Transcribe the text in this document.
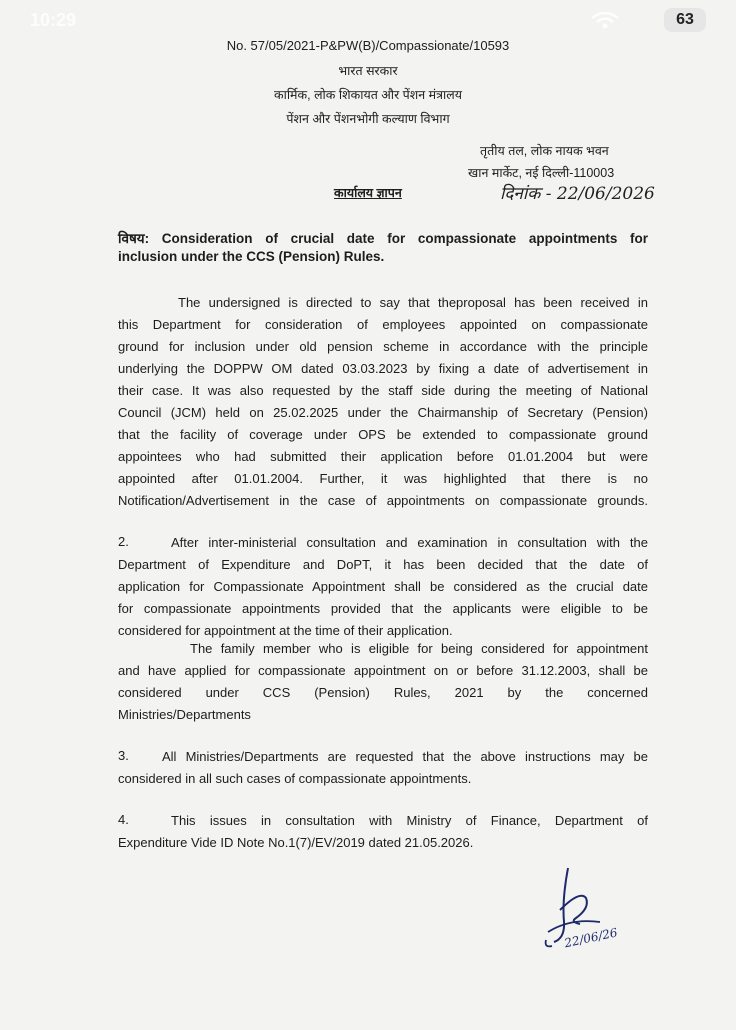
10:29	63
No. 57/05/2021-P&PW(B)/Compassionate/10593
भारत सरकार
कार्मिक, लोक शिकायत और पेंशन मंत्रालय
पेंशन और पेंशनभोगी कल्याण विभाग
तृतीय तल, लोक नायक भवन
खान मार्केट, नई दिल्ली-110003
कार्यालय ज्ञापन	दिनांक - 22/06/2026
विषय: Consideration of crucial date for compassionate appointments for
inclusion under the CCS (Pension) Rules.
The undersigned is directed to say that theproposal has been received in
this Department for consideration of employees appointed on compassionate
ground for inclusion under old pension scheme in accordance with the principle
underlying the DOPPW OM dated 03.03.2023 by fixing a date of advertisement in
their case. It was also requested by the staff side during the meeting of National
Council (JCM) held on 25.02.2025 under the Chairmanship of Secretary (Pension)
that the facility of coverage under OPS be extended to compassionate ground
appointees who had submitted their application before 01.01.2004 but were
appointed after 01.01.2004. Further, it was highlighted that there is no
Notification/Advertisement in the case of appointments on compassionate grounds.
2.	After inter-ministerial consultation and examination in consultation with the
Department of Expenditure and DoPT, it has been decided that the date of
application for Compassionate Appointment shall be considered as the crucial date
for compassionate appointments provided that the applicants were eligible to be
considered for appointment at the time of their application.
The family member who is eligible for being considered for appointment
and have applied for compassionate appointment on or before 31.12.2003, shall be
considered under CCS (Pension) Rules, 2021 by the concerned
Ministries/Departments
3.	All Ministries/Departments are requested that the above instructions may be
considered in all such cases of compassionate appointments.
4.	This issues in consultation with Ministry of Finance, Department of
Expenditure Vide ID Note No.1(7)/EV/2019 dated 21.05.2026.
22/06/26
